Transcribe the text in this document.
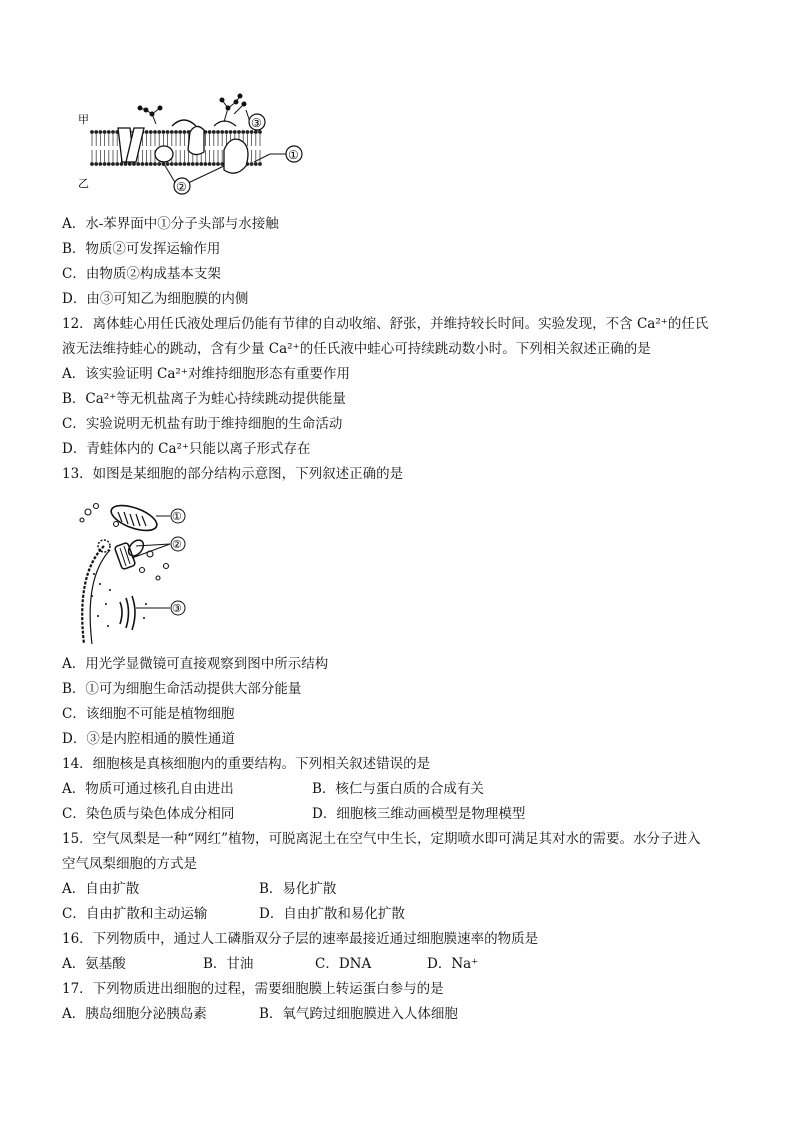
甲
乙
③
①
②
A．水-苯界面中①分子头部与水接触
B．物质②可发挥运输作用
C．由物质②构成基本支架
D．由③可知乙为细胞膜的内侧
12．离体蛙心用任氏液处理后仍能有节律的自动收缩、舒张，并维持较长时间。实验发现，不含 Ca²⁺的任氏
液无法维持蛙心的跳动，含有少量 Ca²⁺的任氏液中蛙心可持续跳动数小时。下列相关叙述正确的是
A．该实验证明 Ca²⁺对维持细胞形态有重要作用
B．Ca²⁺等无机盐离子为蛙心持续跳动提供能量
C．实验说明无机盐有助于维持细胞的生命活动
D．青蛙体内的 Ca²⁺只能以离子形式存在
13．如图是某细胞的部分结构示意图，下列叙述正确的是
①
②
③
A．用光学显微镜可直接观察到图中所示结构
B．①可为细胞生命活动提供大部分能量
C．该细胞不可能是植物细胞
D．③是内腔相通的膜性通道
14．细胞核是真核细胞内的重要结构。下列相关叙述错误的是
A．物质可通过核孔自由进出	B．核仁与蛋白质的合成有关
C．染色质与染色体成分相同	D．细胞核三维动画模型是物理模型
15．空气凤梨是一种“网红”植物，可脱离泥土在空气中生长，定期喷水即可满足其对水的需要。水分子进入
空气凤梨细胞的方式是
A．自由扩散	B．易化扩散
C．自由扩散和主动运输	D．自由扩散和易化扩散
16．下列物质中，通过人工磷脂双分子层的速率最接近通过细胞膜速率的物质是
A．氨基酸	B．甘油	C．DNA	D．Na⁺
17．下列物质进出细胞的过程，需要细胞膜上转运蛋白参与的是
A．胰岛细胞分泌胰岛素	B．氧气跨过细胞膜进入人体细胞
